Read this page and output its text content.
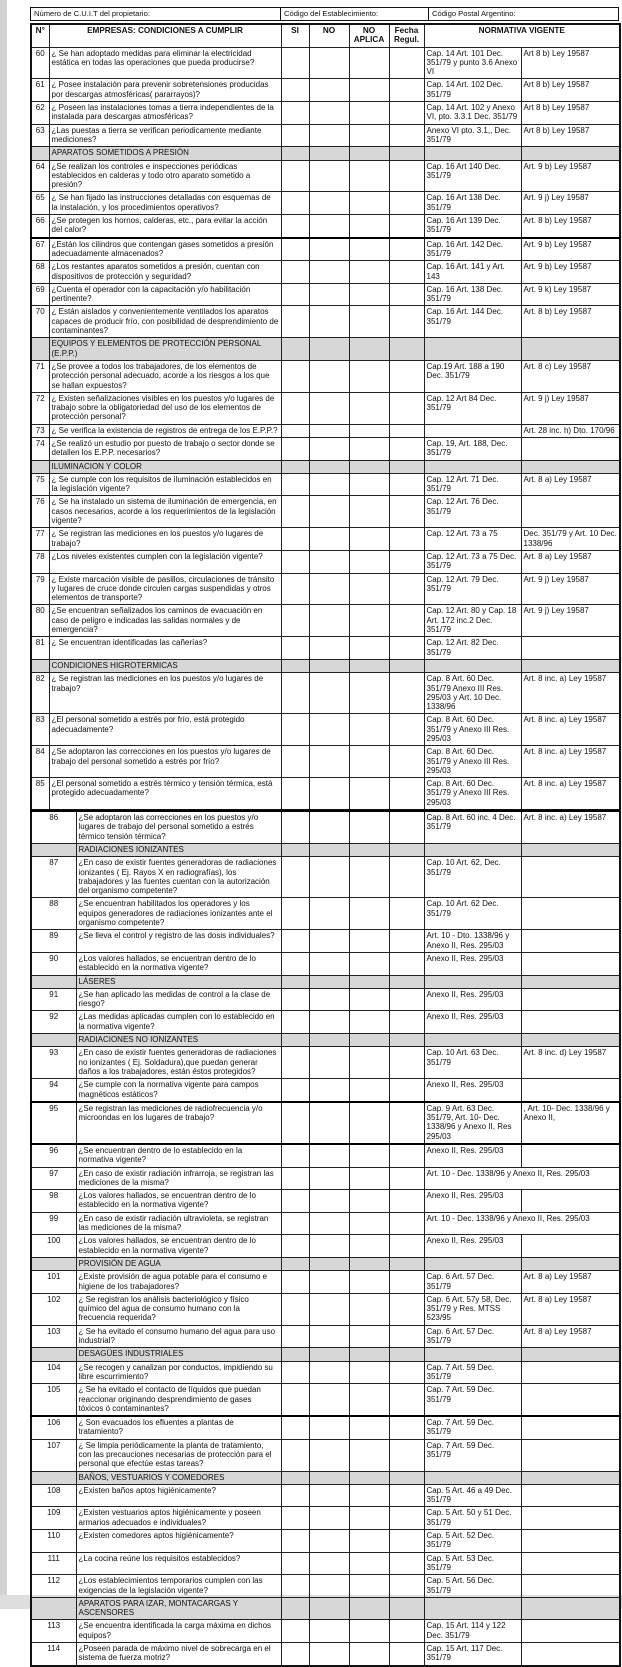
Número de C.U.I.T del propietario:	Código del Establecimiento:	Código Postal Argentino:
N°	EMPRESAS: CONDICIONES A CUMPLIR	SI	NO	NO APLICA	Fecha Regul.	NORMATIVA VIGENTE	
60	¿ Se han adoptado medidas para eliminar la electricidad estática en todas las operaciones que pueda producirse?					Cap. 14 Art. 101 Dec. 351/79 y punto 3.6 Anexo VI	Art 8 b) Ley 19587
61	¿ Posee instalación para prevenir sobretensiones producidas por descargas atmosféricas( pararrayos)?					Cap. 14 Art. 102 Dec. 351/79	Art 8 b) Ley 19587
62	¿ Poseen las instalaciones tomas a tierra independientes de la instalada para descargas atmosféricas?					Cap. 14 Art. 102 y Anexo VI, pto. 3.3.1 Dec. 351/79	Art 8 b) Ley 19587
63	¿Las puestas a tierra se verifican periodicamente mediante mediciones?					Anexo VI pto. 3.1,, Dec. 351/79	Art 8 b) Ley 19587
	APARATOS SOMETIDOS A PRESIÓN						
64	¿Se realizan los controles e inspecciones periódicas establecidos en calderas y todo otro aparato sometido a presión?					Cap. 16 Art 140 Dec. 351/79	Art. 9 b) Ley 19587
65	¿ Se han fijado las instrucciones detalladas con esquemas de la instalación, y los procedimientos operativos?					Cap. 16 Art 138 Dec. 351/79	Art. 9 j) Ley 19587
66	¿Se protegen los hornos, calderas, etc., para evitar la acción del calor?					Cap. 16 Art 139 Dec. 351/79	Art. 8 b) Ley 19587
67	¿Están los cilindros que contengan gases sometidos a presión adecuadamente almacenados?					Cap. 16 Art. 142 Dec. 351/79	Art. 9 b) Ley 19587
68	¿Los restantes aparatos sometidos a presión, cuentan con dispositivos de protección y seguridad?					Cap. 16 Art. 141 y Art. 143	Art. 9 b) Ley 19587
69	¿Cuenta el operador con la capacitación y/o habilitación pertinente?					Cap. 16 Art. 138 Dec. 351/79	Art. 9 k) Ley 19587
70	¿ Están aislados y convenientemente ventilados los aparatos capaces de producir frío, con posibilidad de desprendimiento de contaminantes?					Cap. 16 Art. 144 Dec. 351/79	Art. 8 b) Ley 19587
	EQUIPOS Y ELEMENTOS DE PROTECCIÓN PERSONAL (E.P.P.)						
71	¿Se provee a todos los trabajadores, de los elementos de protección personal adecuado, acorde a los riesgos a los que se hallan expuestos?					Cap.19 Art. 188 a 190 Dec. 351/79	Art. 8 c) Ley 19587
72	¿ Existen señalizaciones visibles en los puestos y/o lugares de trabajo sobre la obligatoriedad del uso de los elementos de protección personal?					Cap. 12 Art 84 Dec. 351/79	Art. 9 j) Ley 19587
73	¿ Se verifica la existencia de registros de entrega de los E.P.P.?						Art. 28 inc. h) Dto. 170/96
74	¿Se realizó un estudio por puesto de trabajo o sector donde se detallen los E.P.P. necesarios?					Cap. 19, Art. 188, Dec. 351/79	
	ILUMINACION Y COLOR						
75	¿ Se cumple con los requisitos de iluminación establecidos en la legislación vigente?					Cap. 12 Art. 71 Dec. 351/79	Art. 8 a) Ley 19587
76	¿ Se ha instalado un sistema de iluminación de emergencia, en casos necesarios, acorde a los requerimientos de la legislación vigente?					Cap. 12 Art. 76 Dec. 351/79	
77	¿ Se registran las mediciones en los puestos y/o lugares de trabajo?					Cap. 12 Art. 73 a 75	Dec. 351/79 y Art. 10 Dec. 1338/96
78	¿Los niveles existentes cumplen con la legislación vigente?					Cap. 12 Art. 73 a 75 Dec. 351/79	Art. 8 a) Ley 19587
79	¿ Existe marcación visible de pasillos, circulaciones de tránsito y lugares de cruce donde circulen cargas suspendidas y otros elementos de transporte?					Cap. 12 Art. 79 Dec. 351/79	Art. 9 j) Ley 19587
80	¿Se encuentran señalizados los caminos de evacuación en caso de peligro e indicadas las salidas normales y de emergencia?					Cap. 12 Art. 80 y Cap. 18 Art. 172 inc.2 Dec. 351/79	Art. 9 j) Ley 19587
81	¿ Se encuentran identificadas las cañerías?					Cap. 12 Art. 82 Dec. 351/79	
	CONDICIONES HIGROTERMICAS						
82	¿ Se registran las mediciones en los puestos y/o lugares de trabajo?					Cap. 8 Art. 60 Dec. 351/79 Anexo III Res. 295/03 y Art. 10 Dec. 1338/96	Art. 8 inc. a) Ley 19587
83	¿El personal sometido a estrés por frío, está protegido adecuadamente?					Cap. 8 Art. 60 Dec. 351/79 y Anexo III Res. 295/03	Art. 8 inc. a) Ley 19587
84	¿Se adoptaron las correcciones en los puestos y/o lugares de trabajo del personal sometido a estrés por frío?					Cap. 8 Art. 60 Dec. 351/79 y Anexo III Res. 295/03	Art. 8 inc. a) Ley 19587
85	¿El personal sometido a estrés térmico y tensión térmica, está protegido adecuadamente?					Cap. 8 Art. 60 Dec. 351/79 y Anexo III Res. 295/03	Art. 8 inc. a) Ley 19587
86	¿Se adoptaron las correcciones en los puestos y/o lugares de trabajo del personal sometido a estrés térmico tensión térmica?					Cap. 8 Art. 60 inc. 4 Dec. 351/79	Art. 8 inc. a) Ley 19587
	RADIACIONES IONIZANTES						
87	¿En caso de existir fuentes generadoras de radiaciones ionizantes ( Ej. Rayos X en radiografías), los trabajadores y las fuentes cuentan con la autorización del organismo competente?					Cap. 10 Art. 62, Dec. 351/79	
88	¿Se encuentran habilitados los operadores y los equipos generadores de radiaciones ionizantes ante el organismo competente?					Cap. 10 Art. 62 Dec. 351/79	
89	¿Se lleva el control y registro de las dosis individuales?					Art. 10 - Dto. 1338/96 y Anexo II, Res. 295/03	
90	¿Los valores hallados, se encuentran dentro de lo establecido en la normativa vigente?					Anexo II, Res. 295/03	
	LÁSERES						
91	¿Se han aplicado las medidas de control a la clase de riesgo?					Anexo II, Res. 295/03	
92	¿Las medidas aplicadas cumplen con lo establecido en la normativa vigente?					Anexo II, Res. 295/03	
	RADIACIONES NO IONIZANTES						
93	¿En caso de existir fuentes generadoras de radiaciones no ionizantes ( Ej. Soldadura),que puedan generar daños a los trabajadores, están éstos protegidos?					Cap. 10 Art. 63 Dec. 351/79	Art. 8 inc. d) Ley 19587
94	¿Se cumple con la normativa vigente para campos magnéticos estáticos?					Anexo II, Res. 295/03	
95	¿Se registran las mediciones de radiofrecuencia y/o microondas en los lugares de trabajo?					Cap. 9 Art. 63 Dec. 351/79, Art. 10- Dec. 1338/96 y Anexo II, Res 295/03	, Art. 10- Dec. 1338/96 y Anexo II,
96	¿Se encuentran dentro de lo establecido en la normativa vigente?					Anexo II, Res. 295/03	
97	¿En caso de existir radiación infrarroja, se registran las mediciones de la misma?					Art. 10 - Dec. 1338/96 y Anexo II, Res. 295/03	
98	¿Los valores hallados, se encuentran dentro de lo establecido en la normativa vigente?					Anexo II, Res. 295/03	
99	¿En caso de existir radiación ultravioleta, se registran las mediciones de la misma?					Art. 10 - Dec. 1338/96 y Anexo II, Res. 295/03	
100	¿Los valores hallados, se encuentran dentro de lo establecido en la normativa vigente?					Anexo II, Res. 295/03	
	PROVISIÓN DE AGUA						
101	¿Existe provisión de agua potable para el consumo e higiene de los trabajadores?					Cap. 6 Art. 57 Dec. 351/79	Art. 8 a) Ley 19587
102	¿ Se registran los análisis bacteriológico y físico químico del agua de consumo humano con la frecuencia requerida?					Cap. 6 Art. 57y 58, Dec. 351/79 y Res. MTSS 523/95	Art. 8 a) Ley 19587
103	¿ Se ha evitado el consumo humano del agua para uso industrial?					Cap. 6 Art. 57 Dec. 351/79	Art. 8 a) Ley 19587
	DESAGÜES INDUSTRIALES						
104	¿Se recogen y canalizan por conductos, impidiendo su libre escurrimiento?					Cap. 7 Art. 59 Dec. 351/79	
105	¿ Se ha evitado el contacto de líquidos que puedan reaccionar originando desprendimiento de gases tóxicos ó contaminantes?					Cap. 7 Art. 59 Dec. 351/79	
106	¿ Son evacuados los efluentes a plantas de tratamiento?					Cap. 7 Art. 59 Dec. 351/79	
107	¿ Se limpia periódicamente la planta de tratamiento, con las precauciones necesarias de protección para el personal que efectúe estas tareas?					Cap. 7 Art. 59 Dec. 351/79	
	BAÑOS, VESTUARIOS Y COMEDORES						
108	¿Existen baños aptos higiénicamente?					Cap. 5 Art. 46 a 49 Dec. 351/79	
109	¿Existen vestuarios aptos higiénicamente y poseen armarios adecuados e individuales?					Cap. 5 Art. 50 y 51 Dec. 351/79	
110	¿Existen comedores aptos higiénicamente?					Cap. 5 Art. 52 Dec. 351/79	
111	¿La cocina reúne los requisitos establecidos?					Cap. 5 Art. 53 Dec. 351/79	
112	¿Los establecimientos temporarios cumplen con las exigencias de la legislación vigente?					Cap. 5 Art. 56 Dec. 351/79	
	APARATOS PARA IZAR, MONTACARGAS Y ASCENSORES						
113	¿Se encuentra identificada la carga máxima en dichos equipos?					Cap. 15 Art. 114 y 122 Dec. 351/79	
114	¿Poseen parada de máximo nivel de sobrecarga en el sistema de fuerza motriz?					Cap. 15 Art. 117 Dec. 351/79	
